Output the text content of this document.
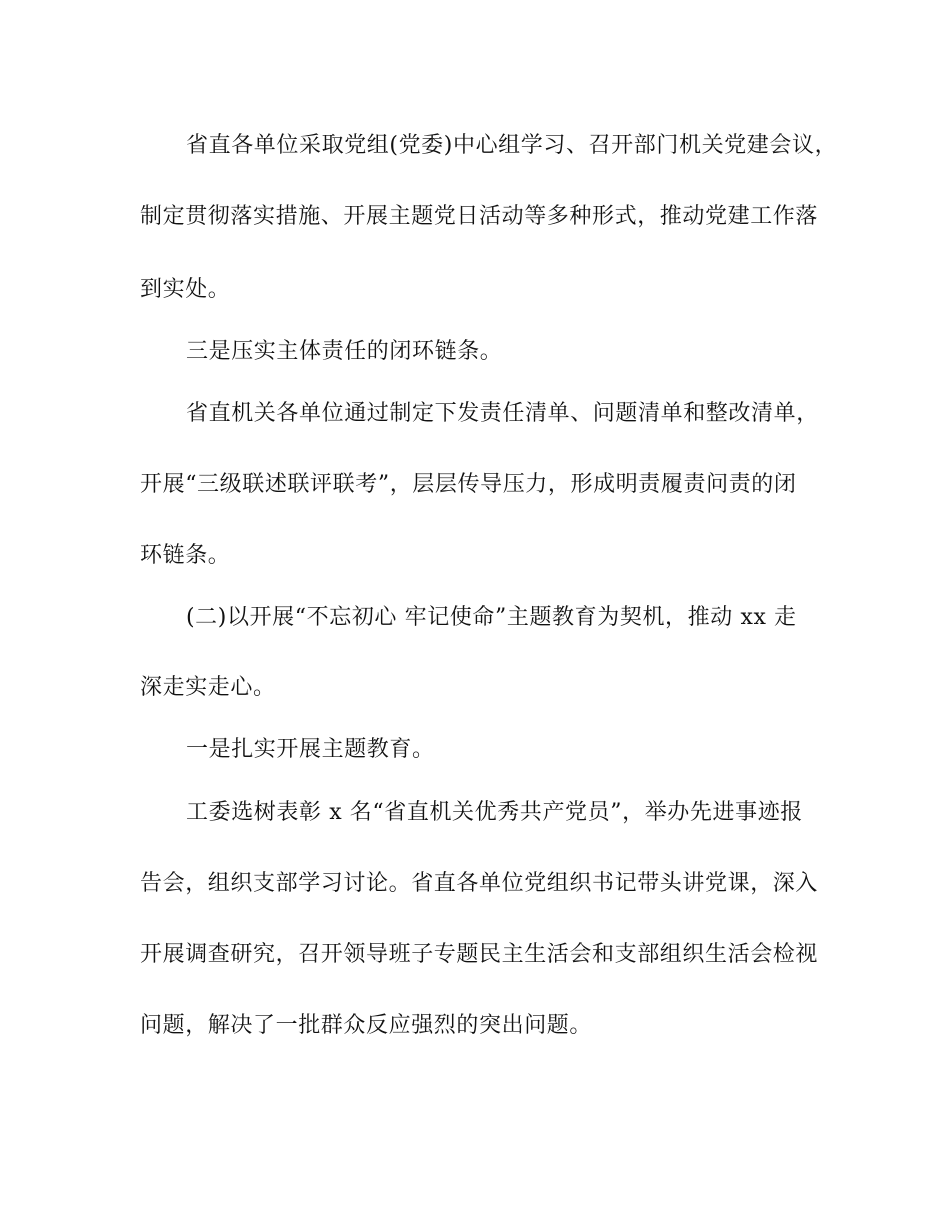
省直各单位采取党组(党委)中心组学习、召开部门机关党建会议，
制定贯彻落实措施、开展主题党日活动等多种形式，推动党建工作落
到实处。
三是压实主体责任的闭环链条。
省直机关各单位通过制定下发责任清单、问题清单和整改清单，
开展“三级联述联评联考”，层层传导压力，形成明责履责问责的闭
环链条。
(二)以开展“不忘初心 牢记使命”主题教育为契机，推动 xx 走
深走实走心。
一是扎实开展主题教育。
工委选树表彰 x 名“省直机关优秀共产党员”，举办先进事迹报
告会，组织支部学习讨论。省直各单位党组织书记带头讲党课，深入
开展调查研究，召开领导班子专题民主生活会和支部组织生活会检视
问题，解决了一批群众反应强烈的突出问题。
